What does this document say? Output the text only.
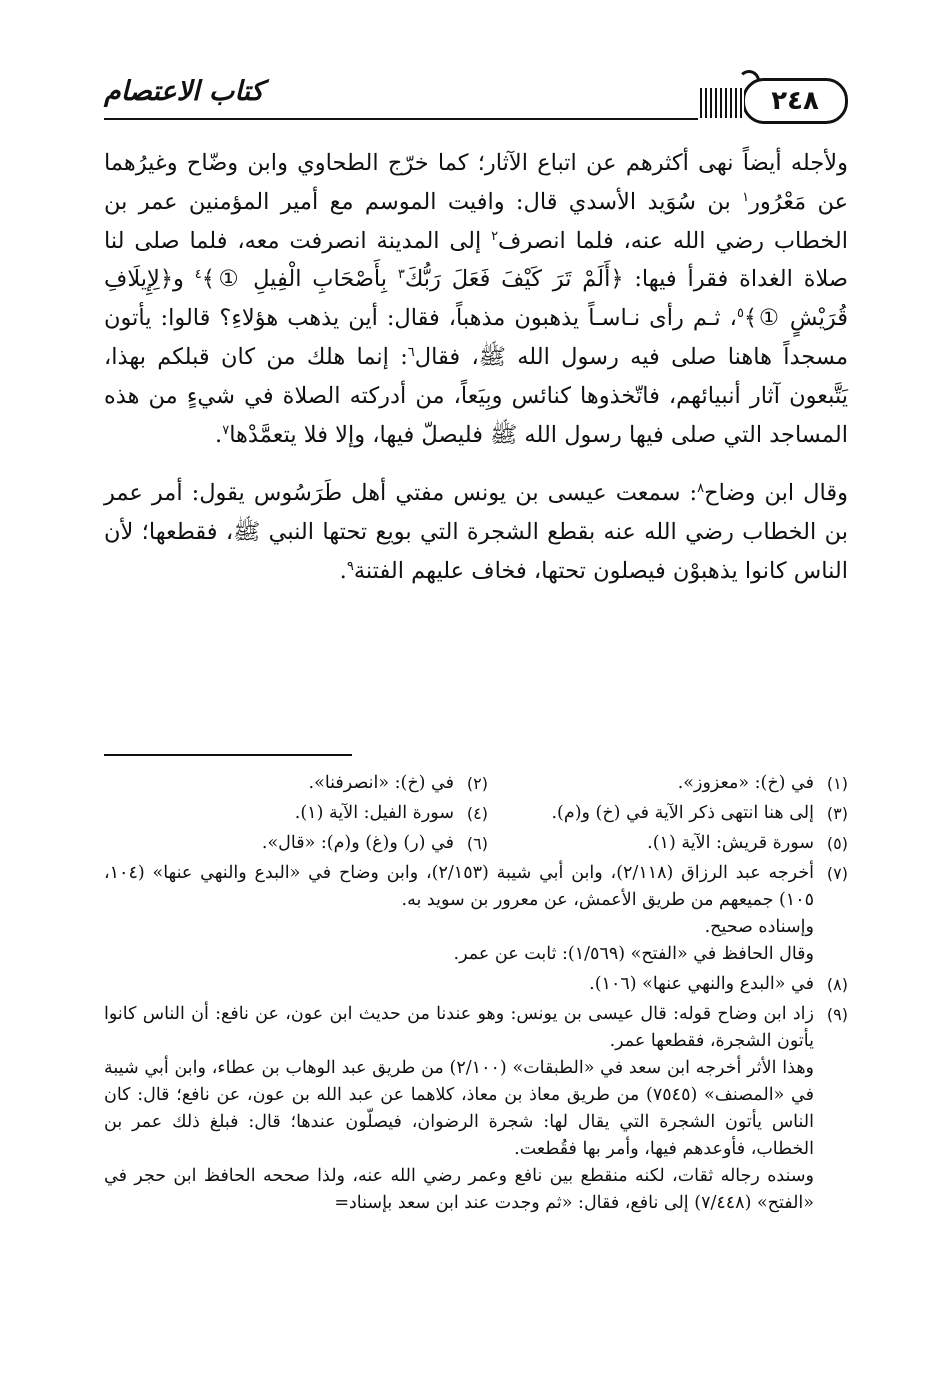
٢٤٨
كتاب الاعتصام

ولأجله أيضاً نهى أكثرهم عن اتباع الآثار؛ كما خرّج الطحاوي وابن وضّاح وغيرُهما عن مَعْرُور$^١$ بن سُوَيد الأسدي قال: وافيت الموسم مع أمير المؤمنين عمر بن الخطاب رضي الله عنه، فلما انصرف$^٢$ إلى المدينة انصرفت معه، فلما صلى لنا صلاة الغداة فقرأ فيها: ﴿أَلَمْ تَرَ كَيْفَ فَعَلَ رَبُّكَ$^٣$ بِأَصْحَابِ الْفِيلِ ①﴾$^٤$ و﴿لِإِيلَافِ قُرَيْشٍ ①﴾$^٥$، ثـم رأى نـاسـاً يذهبون مذهباً، فقال: أين يذهب هؤلاءِ؟ قالوا: يأتون مسجداً هاهنا صلى فيه رسول الله ﷺ، فقال$^٦$: إنما هلك من كان قبلكم بهذا، يَتَّبعون آثار أنبيائهم، فاتّخذوها كنائس وبِيَعاً، من أدركته الصلاة في شيءٍ من هذه المساجد التي صلى فيها رسول الله ﷺ فليصلّ فيها، وإلا فلا يتعمَّدْها$^٧$.

وقال ابن وضاح$^٨$: سمعت عيسى بن يونس مفتي أهل طَرَسُوس يقول: أمر عمر بن الخطاب رضي الله عنه بقطع الشجرة التي بويع تحتها النبي ﷺ، فقطعها؛ لأن الناس كانوا يذهبوْن فيصلون تحتها، فخاف عليهم الفتنة$^٩$.

(١)
في (خ): «معزوز».
(٢)
في (خ): «انصرفنا».
(٣)
إلى هنا انتهى ذكر الآية في (خ) و(م).
(٤)
سورة الفيل: الآية (١).
(٥)
سورة قريش: الآية (١).
(٦)
في (ر) و(غ) و(م): «قال».
(٧)
أخرجه عبد الرزاق (٢/١١٨)، وابن أبي شيبة (٢/١٥٣)، وابن وضاح في «البدع والنهي عنها» (١٠٤، ١٠٥) جميعهم من طريق الأعمش، عن معرور بن سويد به.
وإسناده صحيح.
وقال الحافظ في «الفتح» (١/٥٦٩): ثابت عن عمر.
(٨)
في «البدع والنهي عنها» (١٠٦).
(٩)
زاد ابن وضاح قوله: قال عيسى بن يونس: وهو عندنا من حديث ابن عون، عن نافع: أن الناس كانوا يأتون الشجرة، فقطعها عمر.
وهذا الأثر أخرجه ابن سعد في «الطبقات» (٢/١٠٠) من طريق عبد الوهاب بن عطاء، وابن أبي شيبة في «المصنف» (٧٥٤٥) من طريق معاذ بن معاذ، كلاهما عن عبد الله بن عون، عن نافع؛ قال: كان الناس يأتون الشجرة التي يقال لها: شجرة الرضوان، فيصلّون عندها؛ قال: فبلغ ذلك عمر بن الخطاب، فأوعدهم فيها، وأمر بها فقُطعت.
وسنده رجاله ثقات، لكنه منقطع بين نافع وعمر رضي الله عنه، ولذا صححه الحافظ ابن حجر في «الفتح» (٧/٤٤٨) إلى نافع، فقال: «ثم وجدت عند ابن سعد بإسناد=
